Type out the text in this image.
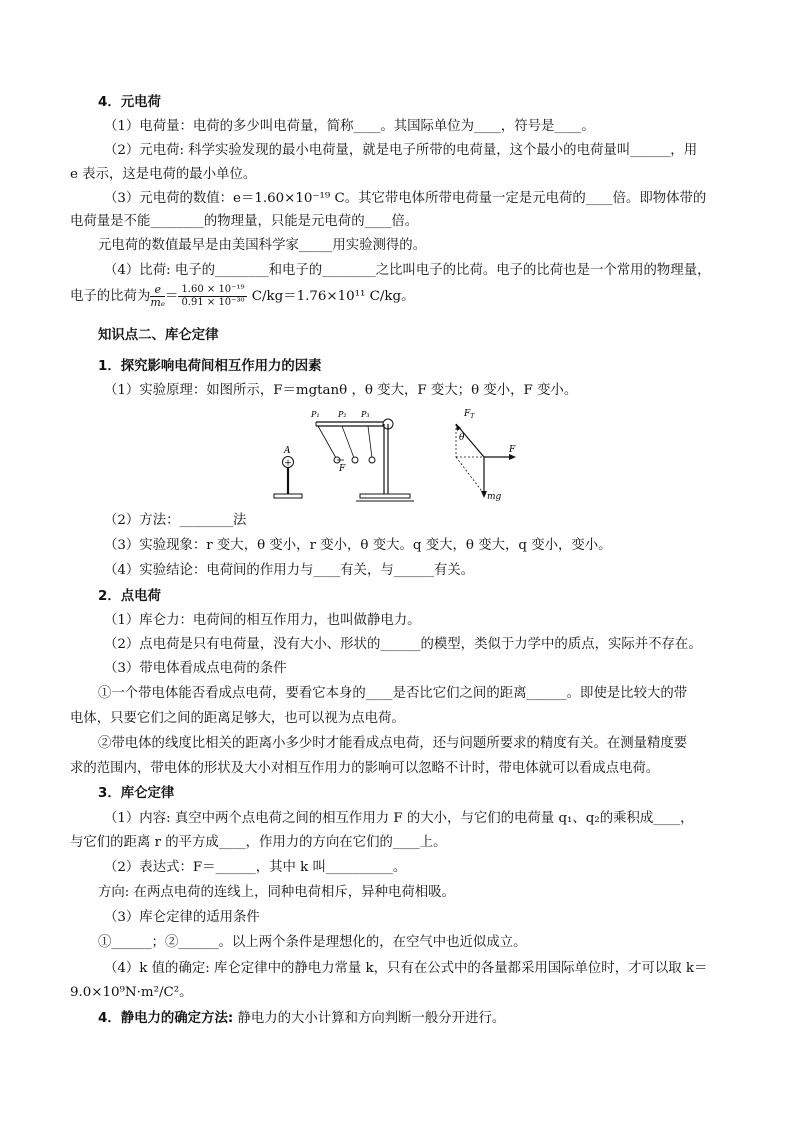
4．元电荷
（1）电荷量：电荷的多少叫电荷量，简称____。其国际单位为____，符号是____。
（2）元电荷: 科学实验发现的最小电荷量，就是电子所带的电荷量，这个最小的电荷量叫______，用
e 表示，这是电荷的最小单位。
（3）元电荷的数值：e＝1.60×10⁻¹⁹ C。其它带电体所带电荷量一定是元电荷的____倍。即物体带的
电荷量是不能________的物理量，只能是元电荷的____倍。
元电荷的数值最早是由美国科学家_____用实验测得的。
（4）比荷: 电子的________和电子的________之比叫电子的比荷。电子的比荷也是一个常用的物理量，
电子的比荷为 $\frac{e}{\text{mₑ}} = \frac{\text{1.60 × 10⁻¹⁹}}{\text{0.91 × 10⁻³⁰}} C/kg=1.76\times 10^{11}$ C/kg。
知识点二、库仑定律
1．探究影响电荷间相互作用力的因素
（1）实验原理：如图所示，F＝mgtanθ ，θ 变大，F 变大；θ 变小，F 变小。
+
A
P₁ P₂ P₃
F
$F_T$
θ
F
mg
（2）方法：________法
（3）实验现象：r 变大，θ 变小，r 变小，θ 变大。q 变大，θ 变大，q 变小，变小。
（4）实验结论：电荷间的作用力与____有关，与______有关。
2．点电荷
（1）库仑力：电荷间的相互作用力，也叫做静电力。
（2）点电荷是只有电荷量，没有大小、形状的______的模型，类似于力学中的质点，实际并不存在。
（3）带电体看成点电荷的条件
①一个带电体能否看成点电荷，要看它本身的____是否比它们之间的距离______。即使是比较大的带
电体，只要它们之间的距离足够大，也可以视为点电荷。
②带电体的线度比相关的距离小多少时才能看成点电荷，还与问题所要求的精度有关。在测量精度要
求的范围内，带电体的形状及大小对相互作用力的影响可以忽略不计时，带电体就可以看成点电荷。
3．库仑定律
（1）内容: 真空中两个点电荷之间的相互作用力 F 的大小，与它们的电荷量 q₁、q₂的乘积成____，
与它们的距离 r 的平方成____，作用力的方向在它们的____上。
（2）表达式：F＝______，其中 k 叫__________。
方向: 在两点电荷的连线上，同种电荷相斥，异种电荷相吸。
（3）库仑定律的适用条件
①______；②______。以上两个条件是理想化的，在空气中也近似成立。
（4）k 值的确定: 库仑定律中的静电力常量 k，只有在公式中的各量都采用国际单位时，才可以取 k＝
9.0×10⁹N·m²/C²。
4．静电力的确定方法: 静电力的大小计算和方向判断一般分开进行。
